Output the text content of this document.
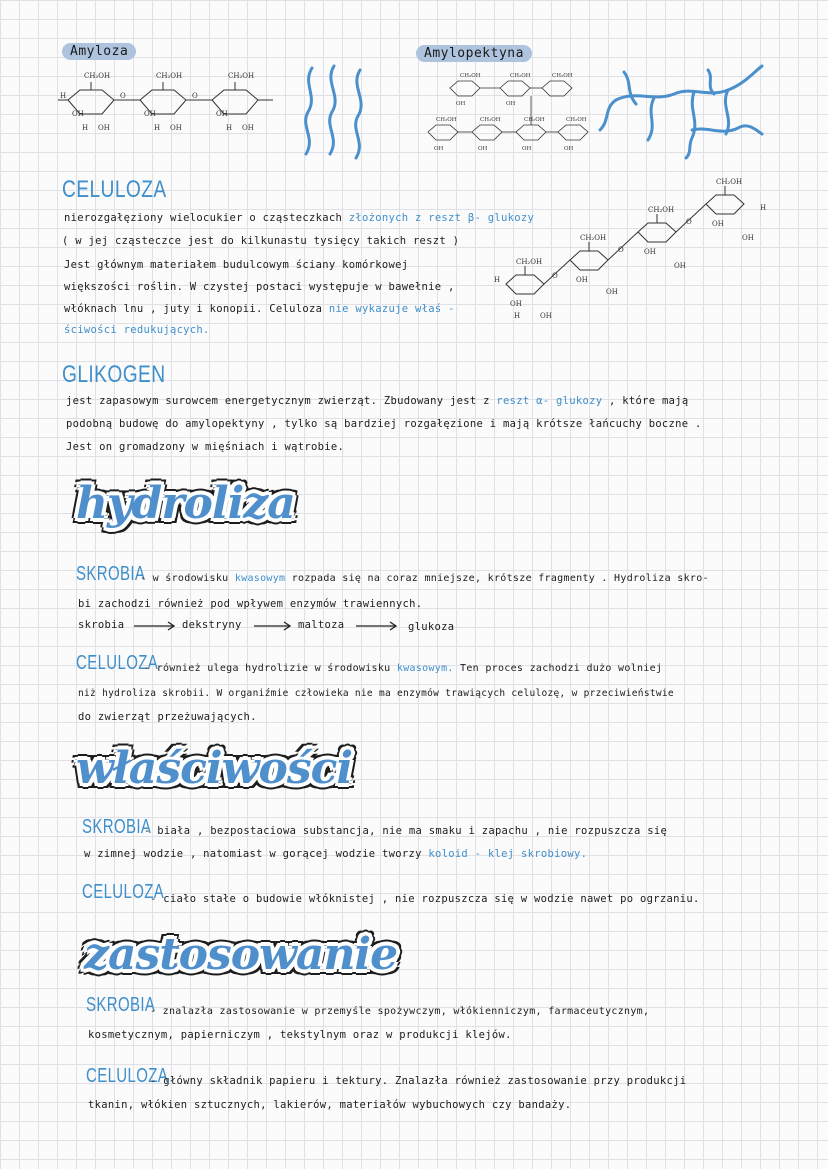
Amyloza	Amylopektyna
CH₂OH	CH₂OH	CH₂OH
OH	OH	OH
OH	OH	OH
O	O
H
H	H	H
CH₂OH	CH₂OH	CH₂OH
CH₂OH	CH₂OH	CH₂OH	CH₂OH
OH	OH
OH	OH	OH	OH
CELULOZA
nierozgałęziony wielocukier o cząsteczkach złożonych z reszt β- glukozy
( w jej cząsteczce jest do kilkunastu tysięcy takich reszt )
Jest głównym materiałem budulcowym ściany komórkowej
większości roślin. W czystej postaci występuje w bawełnie ,
włóknach lnu , juty i konopii. Celuloza nie wykazuje właś -
ściwości redukujących.
CH₂OH
CH₂OH
CH₂OH
CH₂OH
OH
OH
OH
OH
OH
OH
OH
OH
O
O
O
H
H
H
GLIKOGEN
jest zapasowym surowcem energetycznym zwierząt. Zbudowany jest z reszt α- glukozy , które mają
podobną budowę do amylopektyny , tylko są bardziej rozgałęzione i mają krótsze łańcuchy boczne .
Jest on gromadzony w mięśniach i wątrobie.
hydroliza
SKROBIA
- w środowisku kwasowym rozpada się na coraz mniejsze, krótsze fragmenty . Hydroliza skro-
bi zachodzi również pod wpływem enzymów trawiennych.
skrobia	dekstryny	maltoza	glukoza
CELULOZA
- również ulega hydrolizie w środowisku kwasowym. Ten proces zachodzi dużo wolniej
niż hydroliza skrobii. W organiźmie człowieka nie ma enzymów trawiących celulozę, w przeciwieństwie
do zwierząt przeżuwających.
właściwości
SKROBIA
- biała , bezpostaciowa substancja, nie ma smaku i zapachu , nie rozpuszcza się
w zimnej wodzie , natomiast w gorącej wodzie tworzy koloid - klej skrobiowy.
CELULOZA
- ciało stałe o budowie włóknistej , nie rozpuszcza się w wodzie nawet po ogrzaniu.
zastosowanie
SKROBIA
- znalazła zastosowanie w przemyśle spożywczym, włókienniczym, farmaceutycznym,
kosmetycznym, papierniczym , tekstylnym oraz w produkcji klejów.
CELULOZA
- główny składnik papieru i tektury. Znalazła również zastosowanie przy produkcji
tkanin, włókien sztucznych, lakierów, materiałów wybuchowych czy bandaży.
